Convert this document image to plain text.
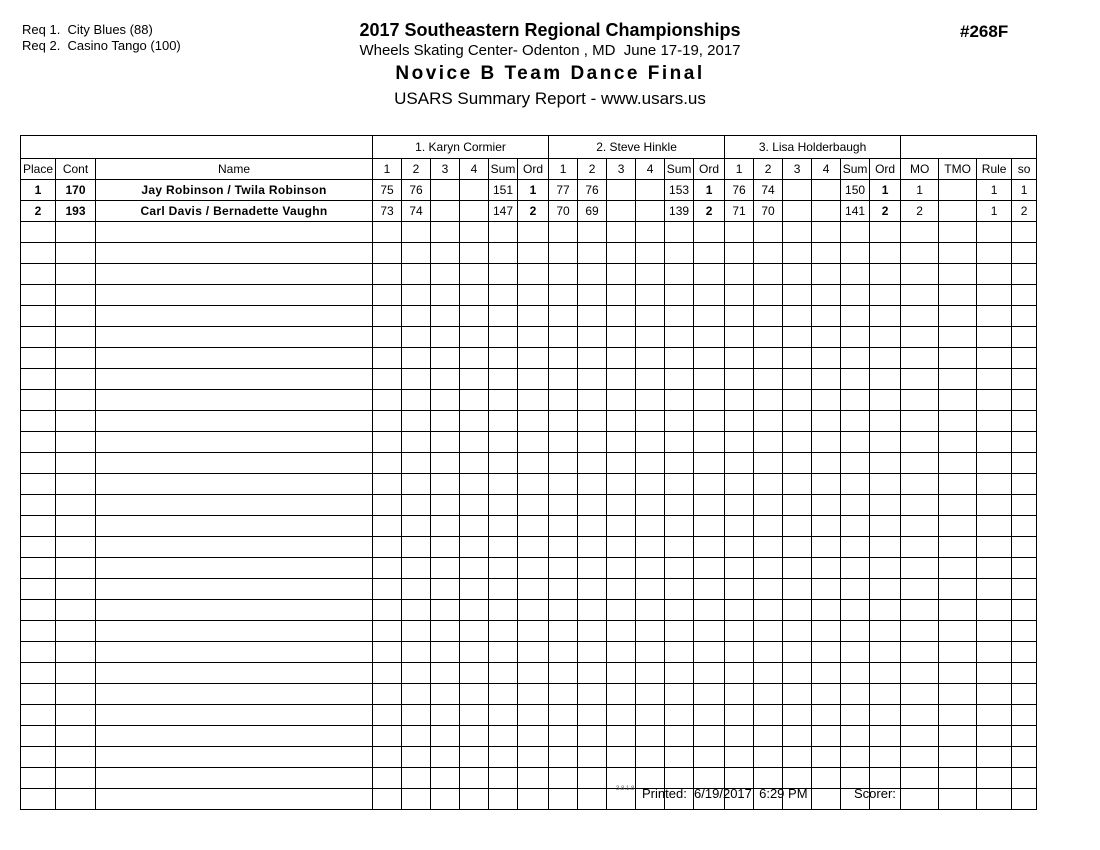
Req 1.  City Blues (88)
Req 2.  Casino Tango (100)
2017 Southeastern Regional Championships
Wheels Skating Center- Odenton , MD  June 17-19, 2017
Novice B Team Dance Final
USARS Summary Report - www.usars.us
#268F
			1. Karyn Cormier						2. Steve Hinkle						3. Lisa Holderbaugh									
Place	Cont	Name	1	2	3	4	Sum	Ord	1	2	3	4	Sum	Ord	1	2	3	4	Sum	Ord	MO	TMO	Rule	so
1	170	Jay Robinson / Twila Robinson	75	76			151	1	77	76			153	1	76	74			150	1	1		1	1
2	193	Carl Davis / Bernadette Vaughn	73	74			147	2	70	69			139	2	71	70			141	2	2		1	2

3.8.1.8 Printed: 6/19/2017  6:29 PM	Scorer:
